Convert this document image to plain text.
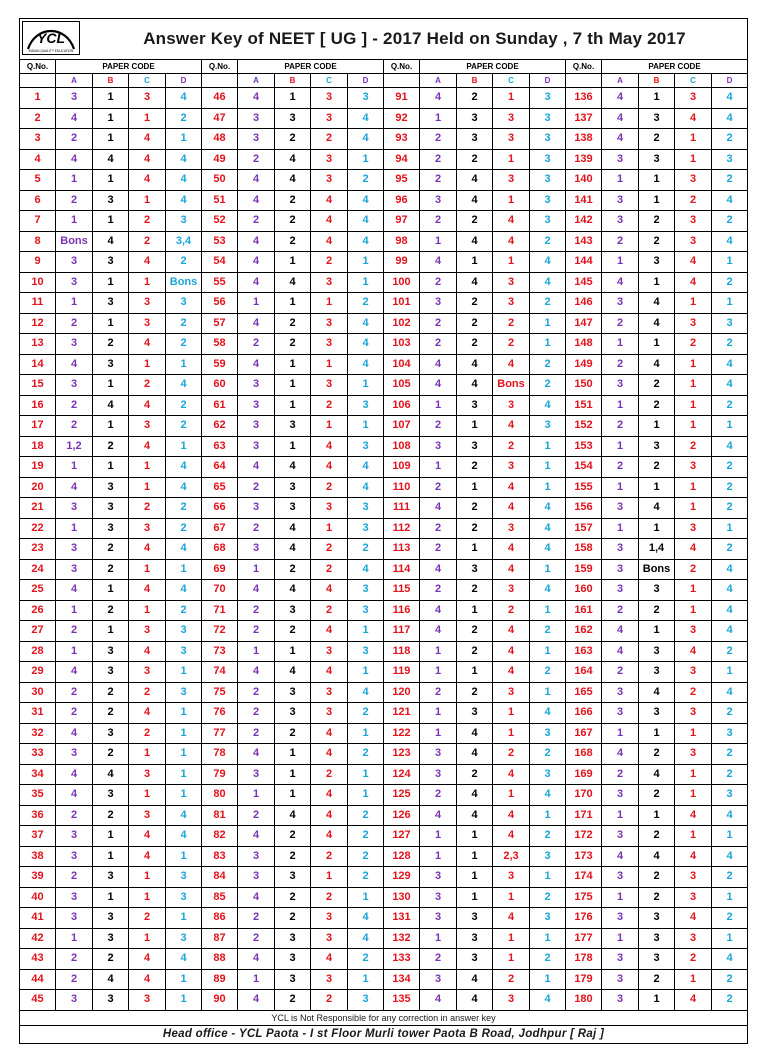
YCL
INDIAN QUALITY EDUCATION
Answer Key of NEET [ UG ] - 2017 Held on Sunday , 7 th May 2017
Q.No.	PAPER CODE				Q.No.	PAPER CODE				Q.No.	PAPER CODE				Q.No.	PAPER CODE			
	A	B	C	D		A	B	C	D		A	B	C	D		A	B	C	D
1	3	1	3	4	46	4	1	3	3	91	4	2	1	3	136	4	1	3	4
2	4	1	1	2	47	3	3	3	4	92	1	3	3	3	137	4	3	4	4
3	2	1	4	1	48	3	2	2	4	93	2	3	3	3	138	4	2	1	2
4	4	4	4	4	49	2	4	3	1	94	2	2	1	3	139	3	3	1	3
5	1	1	4	4	50	4	4	3	2	95	2	4	3	3	140	1	1	3	2
6	2	3	1	4	51	4	2	4	4	96	3	4	1	3	141	3	1	2	4
7	1	1	2	3	52	2	2	4	4	97	2	2	4	3	142	3	2	3	2
8	Bons	4	2	3,4	53	4	2	4	4	98	1	4	4	2	143	2	2	3	4
9	3	3	4	2	54	4	1	2	1	99	4	1	1	4	144	1	3	4	1
10	3	1	1	Bons	55	4	4	3	1	100	2	4	3	4	145	4	1	4	2
11	1	3	3	3	56	1	1	1	2	101	3	2	3	2	146	3	4	1	1
12	2	1	3	2	57	4	2	3	4	102	2	2	2	1	147	2	4	3	3
13	3	2	4	2	58	2	2	3	4	103	2	2	2	1	148	1	1	2	2
14	4	3	1	1	59	4	1	1	4	104	4	4	4	2	149	2	4	1	4
15	3	1	2	4	60	3	1	3	1	105	4	4	Bons	2	150	3	2	1	4
16	2	4	4	2	61	3	1	2	3	106	1	3	3	4	151	1	2	1	2
17	2	1	3	2	62	3	3	1	1	107	2	1	4	3	152	2	1	1	1
18	1,2	2	4	1	63	3	1	4	3	108	3	3	2	1	153	1	3	2	4
19	1	1	1	4	64	4	4	4	4	109	1	2	3	1	154	2	2	3	2
20	4	3	1	4	65	2	3	2	4	110	2	1	4	1	155	1	1	1	2
21	3	3	2	2	66	3	3	3	3	111	4	2	4	4	156	3	4	1	2
22	1	3	3	2	67	2	4	1	3	112	2	2	3	4	157	1	1	3	1
23	3	2	4	4	68	3	4	2	2	113	2	1	4	4	158	3	1,4	4	2
24	3	2	1	1	69	1	2	2	4	114	4	3	4	1	159	3	Bons	2	4
25	4	1	4	4	70	4	4	4	3	115	2	2	3	4	160	3	3	1	4
26	1	2	1	2	71	2	3	2	3	116	4	1	2	1	161	2	2	1	4
27	2	1	3	3	72	2	2	4	1	117	4	2	4	2	162	4	1	3	4
28	1	3	4	3	73	1	1	3	3	118	1	2	4	1	163	4	3	4	2
29	4	3	3	1	74	4	4	4	1	119	1	1	4	2	164	2	3	3	1
30	2	2	2	3	75	2	3	3	4	120	2	2	3	1	165	3	4	2	4
31	2	2	4	1	76	2	3	3	2	121	1	3	1	4	166	3	3	3	2
32	4	3	2	1	77	2	2	4	1	122	1	4	1	3	167	1	1	1	3
33	3	2	1	1	78	4	1	4	2	123	3	4	2	2	168	4	2	3	2
34	4	4	3	1	79	3	1	2	1	124	3	2	4	3	169	2	4	1	2
35	4	3	1	1	80	1	1	4	1	125	2	4	1	4	170	3	2	1	3
36	2	2	3	4	81	2	4	4	2	126	4	4	4	1	171	1	1	4	4
37	3	1	4	4	82	4	2	4	2	127	1	1	4	2	172	3	2	1	1
38	3	1	4	1	83	3	2	2	2	128	1	1	2,3	3	173	4	4	4	4
39	2	3	1	3	84	3	3	1	2	129	3	1	3	1	174	3	2	3	2
40	3	1	1	3	85	4	2	2	1	130	3	1	1	2	175	1	2	3	1
41	3	3	2	1	86	2	2	3	4	131	3	3	4	3	176	3	3	4	2
42	1	3	1	3	87	2	3	3	4	132	1	3	1	1	177	1	3	3	1
43	2	2	4	4	88	4	3	4	2	133	2	3	1	2	178	3	3	2	4
44	2	4	4	1	89	1	3	3	1	134	3	4	2	1	179	3	2	1	2
45	3	3	3	1	90	4	2	2	3	135	4	4	3	4	180	3	1	4	2
YCL is Not Responsible for any correction in answer key
Head office - YCL Paota - I st Floor Murli tower Paota B Road, Jodhpur [ Raj ]
